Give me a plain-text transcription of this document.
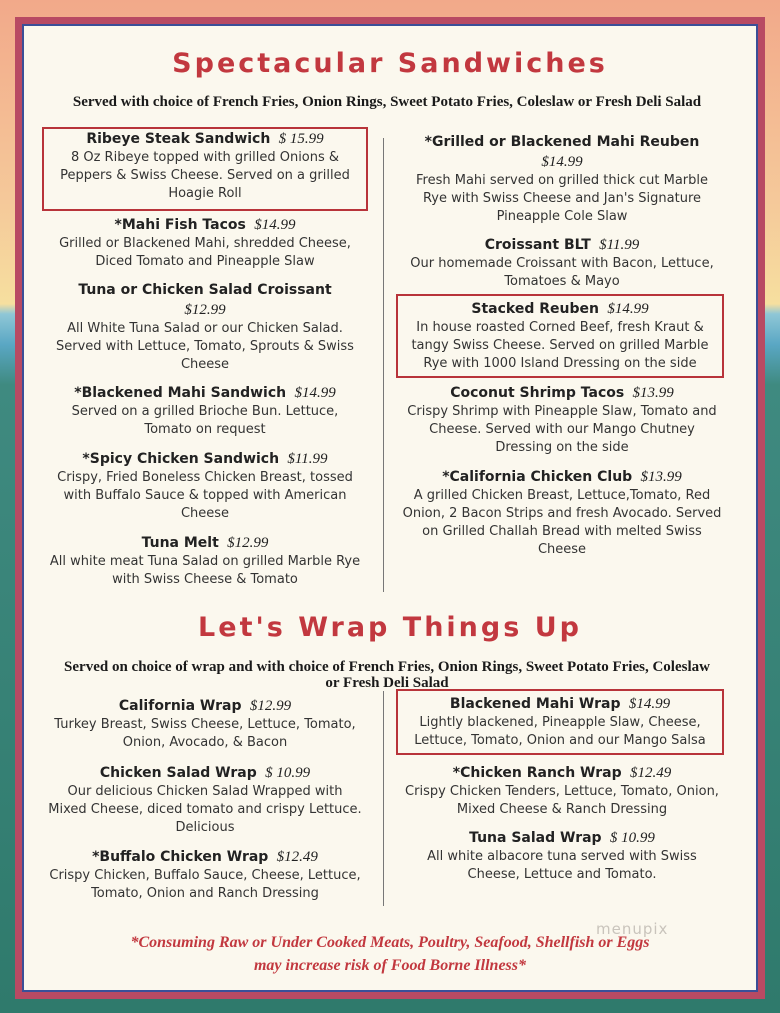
Spectacular Sandwiches
Served with choice of French Fries, Onion Rings, Sweet Potato Fries, Coleslaw or Fresh Deli Salad
Ribeye Steak Sandwich $ 15.99
8 Oz Ribeye topped with grilled Onions & Peppers & Swiss Cheese. Served on a grilled Hoagie Roll
*Mahi Fish Tacos $14.99
Grilled or Blackened Mahi, shredded Cheese, Diced Tomato and Pineapple Slaw
Tuna or Chicken Salad Croissant
$12.99
All White Tuna Salad or our Chicken Salad. Served with Lettuce, Tomato, Sprouts & Swiss Cheese
*Blackened Mahi Sandwich $14.99
Served on a grilled Brioche Bun. Lettuce, Tomato on request
*Spicy Chicken Sandwich $11.99
Crispy, Fried Boneless Chicken Breast, tossed with Buffalo Sauce & topped with American Cheese
Tuna Melt $12.99
All white meat Tuna Salad on grilled Marble Rye with Swiss Cheese & Tomato
*Grilled or Blackened Mahi Reuben
$14.99
Fresh Mahi served on grilled thick cut Marble Rye with Swiss Cheese and Jan's Signature Pineapple Cole Slaw
Croissant BLT $11.99
Our homemade Croissant with Bacon, Lettuce, Tomatoes & Mayo
Stacked Reuben $14.99
In house roasted Corned Beef, fresh Kraut & tangy Swiss Cheese. Served on grilled Marble Rye with 1000 Island Dressing on the side
Coconut Shrimp Tacos $13.99
Crispy Shrimp with Pineapple Slaw, Tomato and Cheese. Served with our Mango Chutney Dressing on the side
*California Chicken Club $13.99
A grilled Chicken Breast, Lettuce,Tomato, Red Onion, 2 Bacon Strips and fresh Avocado. Served on Grilled Challah Bread with melted Swiss Cheese
Let's Wrap Things Up
Served on choice of wrap and with choice of French Fries, Onion Rings, Sweet Potato Fries, Coleslaw or Fresh Deli Salad
California Wrap $12.99
Turkey Breast, Swiss Cheese, Lettuce, Tomato, Onion, Avocado, & Bacon
Chicken Salad Wrap $ 10.99
Our delicious Chicken Salad Wrapped with Mixed Cheese, diced tomato and crispy Lettuce. Delicious
*Buffalo Chicken Wrap $12.49
Crispy Chicken, Buffalo Sauce, Cheese, Lettuce, Tomato, Onion and Ranch Dressing
Blackened Mahi Wrap $14.99
Lightly blackened, Pineapple Slaw, Cheese, Lettuce, Tomato, Onion and our Mango Salsa
*Chicken Ranch Wrap $12.49
Crispy Chicken Tenders, Lettuce, Tomato, Onion, Mixed Cheese & Ranch Dressing
Tuna Salad Wrap $ 10.99
All white albacore tuna served with Swiss Cheese, Lettuce and Tomato.
menupix
*Consuming Raw or Under Cooked Meats, Poultry, Seafood, Shellfish or Eggs
may increase risk of Food Borne Illness*
